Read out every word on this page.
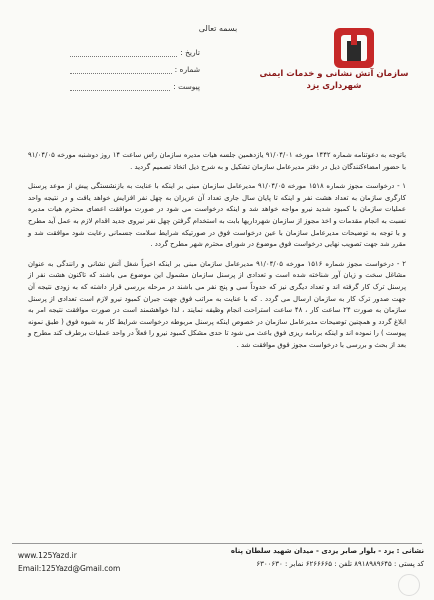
بسمه تعالی
تاریخ :
شماره :
پیوست :
سازمان آتش نشانی و خدمات ایمنی
شهرداری یزد

باتوجه به دعوتنامه شماره ۱۴۴۲ مورخه ۹۱/۰۴/۰۱ یازدهمین جلسه هیات مدیره سازمان راس ساعت ۱۴ روز دوشنبه مورخه ۹۱/۰۴/۰۵ با حضور امضاءکنندگان ذیل در دفتر مدیرعامل سازمان تشکیل و به شرح ذیل اتخاذ تصمیم گردید .

۱ - درخواست مجوز شماره ۱۵۱۸ مورخه ۹۱/۰۴/۰۵ مدیرعامل سازمان مبنی بر اینکه با عنایت به بازنشستگی پیش از موعد پرسنل کارگری سازمان به تعداد هشت نفر و اینکه تا پایان سال جاری تعداد آن عزیزان به چهل نفر افزایش خواهد یافت و در نتیجه واحد عملیات سازمان با کمبود شدید نیرو مواجه خواهد شد و اینکه درخواست می شود در صورت موافقت اعضای محترم هیات مدیره نسبت به انجام مقدمات و اخذ مجوز از سازمان شهرداریها بابت به استخدام گرفتن چهل نفر نیروی جدید اقدام لازم به عمل آید مطرح و با توجه به توضیحات مدیرعامل سازمان با عین درخواست فوق در صورتیکه شرایط سلامت جسمانی رعایت شود موافقت شد و مقرر شد جهت تصویب نهایی درخواست فوق موضوع در شورای محترم شهر مطرح گردد .

۲ - درخواست مجوز شماره ۱۵۱۶ مورخه ۹۱/۰۴/۰۵ مدیرعامل سازمان مبنی بر اینکه اخیراً شغل آتش نشانی و رانندگی به عنوان مشاغل سخت و زیان آور شناخته شده است و تعدادی از پرسنل سازمان مشمول این موضوع می باشند که تاکنون هشت نفر از پرسنل ترک کار گرفته اند و تعداد دیگری نیز که حدوداً سی و پنج نفر می باشند در مرحله بررسی قرار داشته که به زودی نتیجه آن جهت صدور ترک کار به سازمان ارسال می گردد . که با عنایت به مراتب فوق جهت جبران کمبود نیرو لازم است تعدادی از پرسنل سازمان به صورت ۲۴ ساعت کار ، ۴۸ ساعت استراحت انجام وظیفه نمایند ، لذا خواهشمند است در صورت موافقت نتیجه امر به ابلاغ گردد و همچنین توضیحات مدیرعامل سازمان در خصوص اینکه پرسنل مربوطه درخواست شرایط کار به شیوه فوق ( طبق نمونه پیوست ) را نموده اند و اینکه برنامه ریزی فوق باعث می شود تا حدی مشکل کمبود نیرو را فعلاً در واحد عملیات برطرف کند مطرح و بعد از بحث و بررسی با درخواست مجوز فوق موافقت شد .

نشانی : یزد - بلوار صابر یزدی - میدان شهید سلطان پناه
کد پستی : ۸۹۱۸۹۸۹۶۴۵ تلفن : ۶۲۶۶۶۶۵ نمابر : ۶۳۰۰۶۳۰
www.125Yazd.ir
Email:125Yazd@Gmail.com
